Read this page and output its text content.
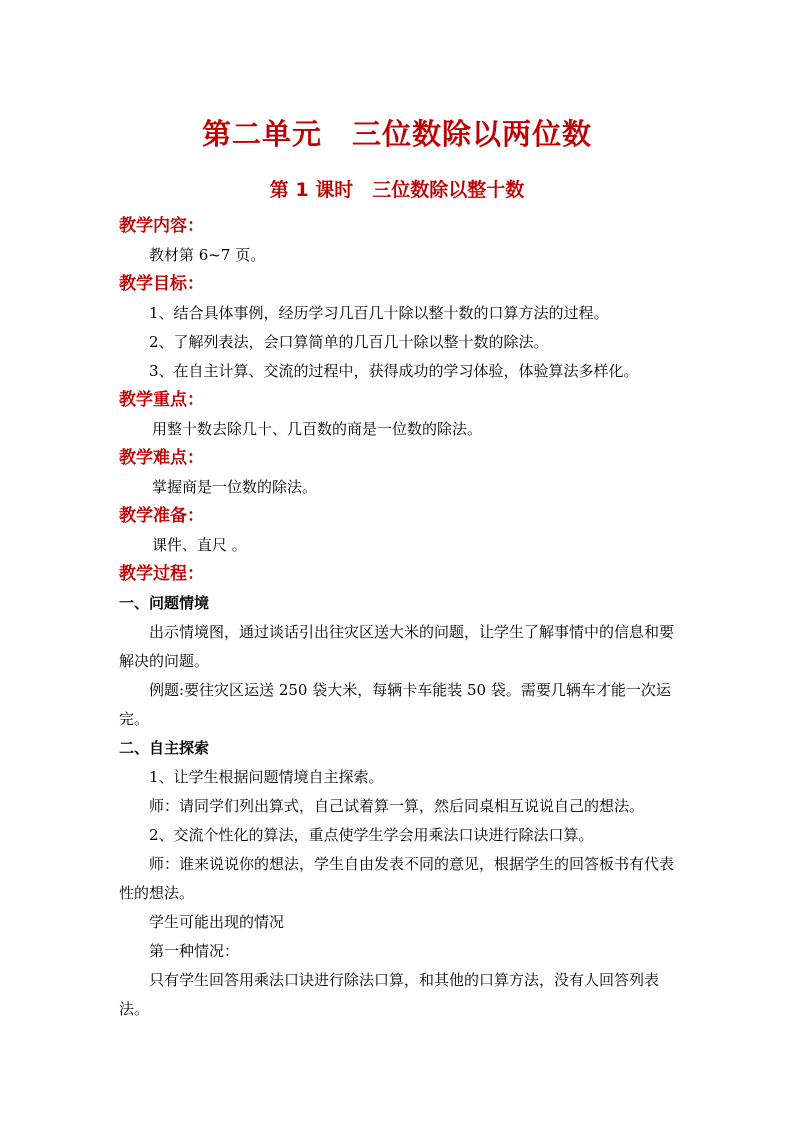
第二单元　三位数除以两位数
第 1 课时　三位数除以整十数
教学内容：

教材第 6~7 页。

教学目标：

1、结合具体事例，经历学习几百几十除以整十数的口算方法的过程。

2、了解列表法，会口算简单的几百几十除以整十数的除法。

3、在自主计算、交流的过程中，获得成功的学习体验，体验算法多样化。

教学重点：

用整十数去除几十、几百数的商是一位数的除法。

教学难点：

掌握商是一位数的除法。

教学准备：

课件、直尺 。

教学过程：
一、问题情境

出示情境图，通过谈话引出往灾区送大米的问题，让学生了解事情中的信息和要解决的问题。

例题:要往灾区运送 250 袋大米，每辆卡车能装 50 袋。需要几辆车才能一次运完。

二、自主探索

1、让学生根据问题情境自主探索。

师：请同学们列出算式，自己试着算一算，然后同桌相互说说自己的想法。

2、交流个性化的算法，重点使学生学会用乘法口诀进行除法口算。

师：谁来说说你的想法，学生自由发表不同的意见，根据学生的回答板书有代表性的想法。

学生可能出现的情况

第一种情况：

只有学生回答用乘法口诀进行除法口算，和其他的口算方法，没有人回答列表法。
